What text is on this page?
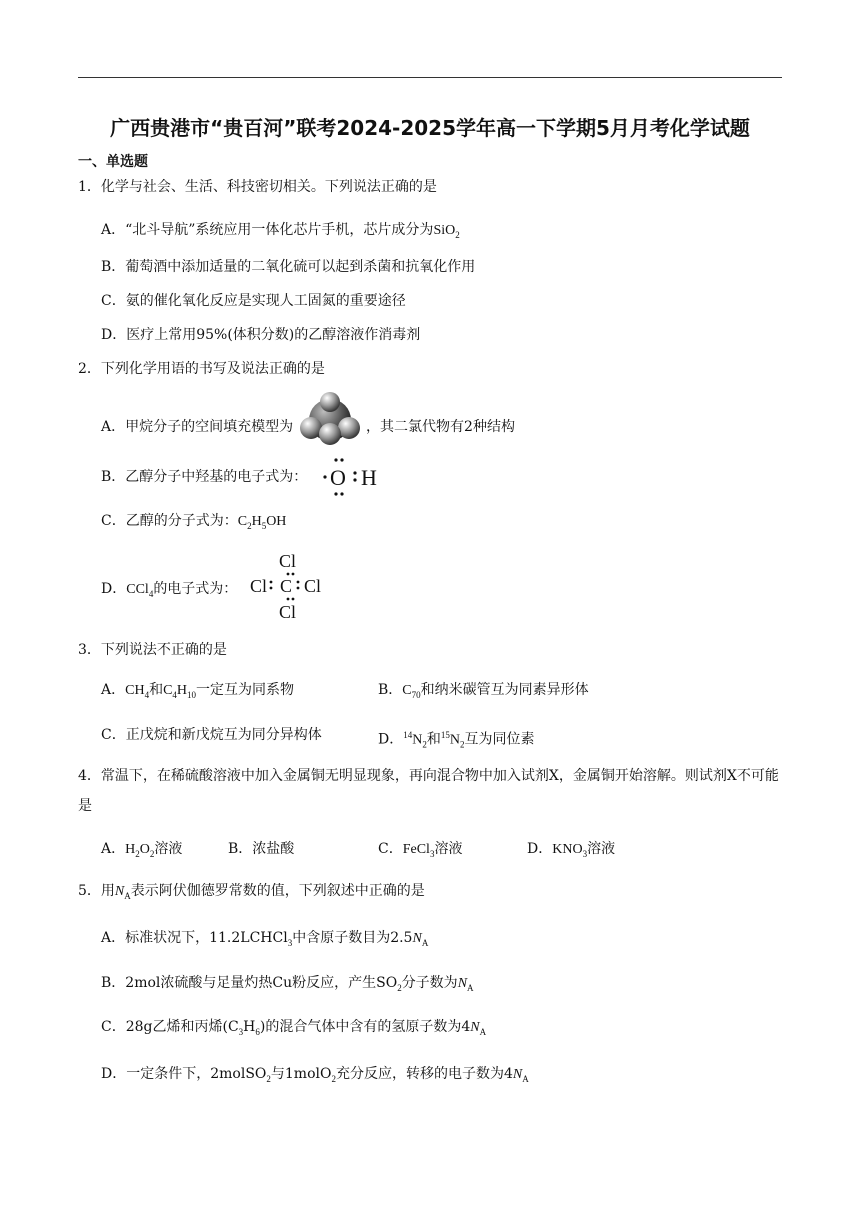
广西贵港市“贵百河”联考2024-2025学年高一下学期5月月考化学试题
一、单选题
1．化学与社会、生活、科技密切相关。下列说法正确的是
A．“北斗导航”系统应用一体化芯片手机，芯片成分为SiO$_2$
B．葡萄酒中添加适量的二氧化硫可以起到杀菌和抗氧化作用
C．氨的催化氧化反应是实现人工固氮的重要途径
D．医疗上常用95%(体积分数)的乙醇溶液作消毒剂
2．下列化学用语的书写及说法正确的是
A．甲烷分子的空间填充模型为	，其二氯代物有2种结构
B．乙醇分子中羟基的电子式为： O H
C．乙醇的分子式为：$C_2H_5OH$
D．CCl$_4$的电子式为：
Cl
Cl C Cl
Cl
3．下列说法不正确的是
A．$CH_4$和$C_4H_{10}$一定互为同系物	B．$C_{70}$和纳米碳管互为同素异形体
C．正戊烷和新戊烷互为同分异构体	D．$^{14}N_2$和$^{15}N_2$互为同位素
4．常温下，在稀硫酸溶液中加入金属铜无明显现象，再向混合物中加入试剂X，金属铜开始溶解。则试剂X不可能是
A．$H_2O_2$溶液	B．浓盐酸	C．FeCl$_3$溶液	D．$KNO_3$溶液
5．用$N_A$表示阿伏伽德罗常数的值，下列叙述中正确的是
A．标准状况下，11.2LCHCl$_3$中含原子数目为$2.5N_A$
B．2mol浓硫酸与足量灼热Cu粉反应，产生$SO_2$分子数为$N_A$
C．28g乙烯和丙烯$(C_3H_6)$的混合气体中含有的氢原子数为$4N_A$
D．一定条件下，2molSO$_2$与1molO$_2$充分反应，转移的电子数为$4N_A$
